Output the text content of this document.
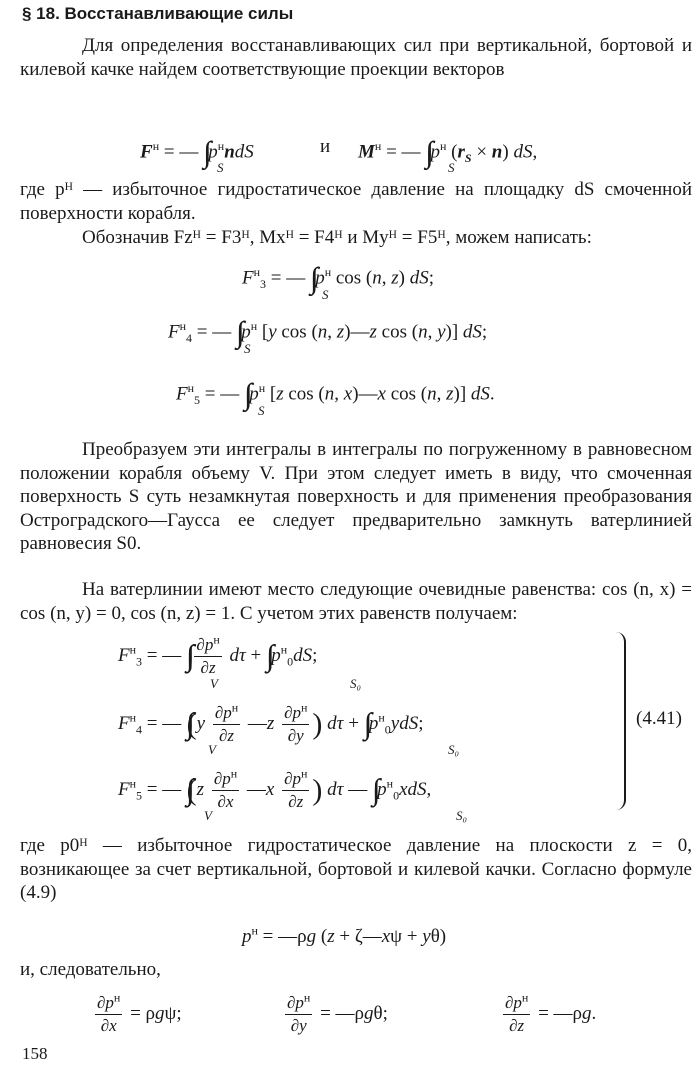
§ 18. Восстанавливающие силы

Для определения восстанавливающих сил при вертикальной, бортовой и килевой качке найдем соответствующие проекции векторов

$F^н$ = — ∫∫ $p^нndS$
S
и $M^н$ = — ∫∫ $p^н$ $(r_S \times n)$ dS,
S

где pᴴ — избыточное гидростатическое давление на площадку dS смоченной поверхности корабля.

Обозначив Fzᴴ = F3ᴴ, Mxᴴ = F4ᴴ и Myᴴ = F5ᴴ, можем написать:

$F^н_3$ = — ∫∫ $p^н$ cos (n, z) dS;
S
$F^н_4$ = — ∫∫ $p^н$ [y cos (n, z)—z cos (n, y)] dS;
S
$F^н_5$ = — ∫∫ $p^н$ [z cos (n, x)—x cos (n, z)] dS.
S

Преобразуем эти интегралы в интегралы по погруженному в равновесном положении корабля объему V. При этом следует иметь в виду, что смоченная поверхность S суть незамкнутая поверхность и для применения преобразования Остроградского—Гаусса ее следует предварительно замкнуть ватерлинией равновесия S0.

На ватерлинии имеют место следующие очевидные равенства: cos (n, x) = cos (n, y) = 0, cos (n, z) = 1. С учетом этих равенств получаем:

$F^н_3$ = — ∫∫∫ $\frac{\partial p^н}{\partial z}$ dτ + ∫∫ $p^н_0dS$;
V	S₀
$F^н_4$ = — $\int\int\int(y \frac{\partial p^н}{\partial z}$ —z $\frac{\partial p^н}{\partial y}$ ) dτ + ∫∫ $p^н_0ydS$;
V	S₀
$F^н_5$ = — $\int\int\int(z \frac{\partial p^н}{\partial x}$ —x $\frac{\partial p^н}{\partial z}$ ) dτ — ∫∫ $p^н_0xdS$,
V	S₀
(4.41)

где p0ᴴ — избыточное гидростатическое давление на плоскости z = 0, возникающее за счет вертикальной, бортовой и килевой качки. Согласно формуле (4.9)

$p^н$ = —ρg (z + ζ—xψ + yθ)

и, следовательно,

$\frac{\partial p^н}{\partial x} = \rho g\psi$;	$\frac{\partial p^н}{\partial y}$ = —ρgθ;	$\frac{\partial p^н}{\partial z}$ = —ρg.
158
